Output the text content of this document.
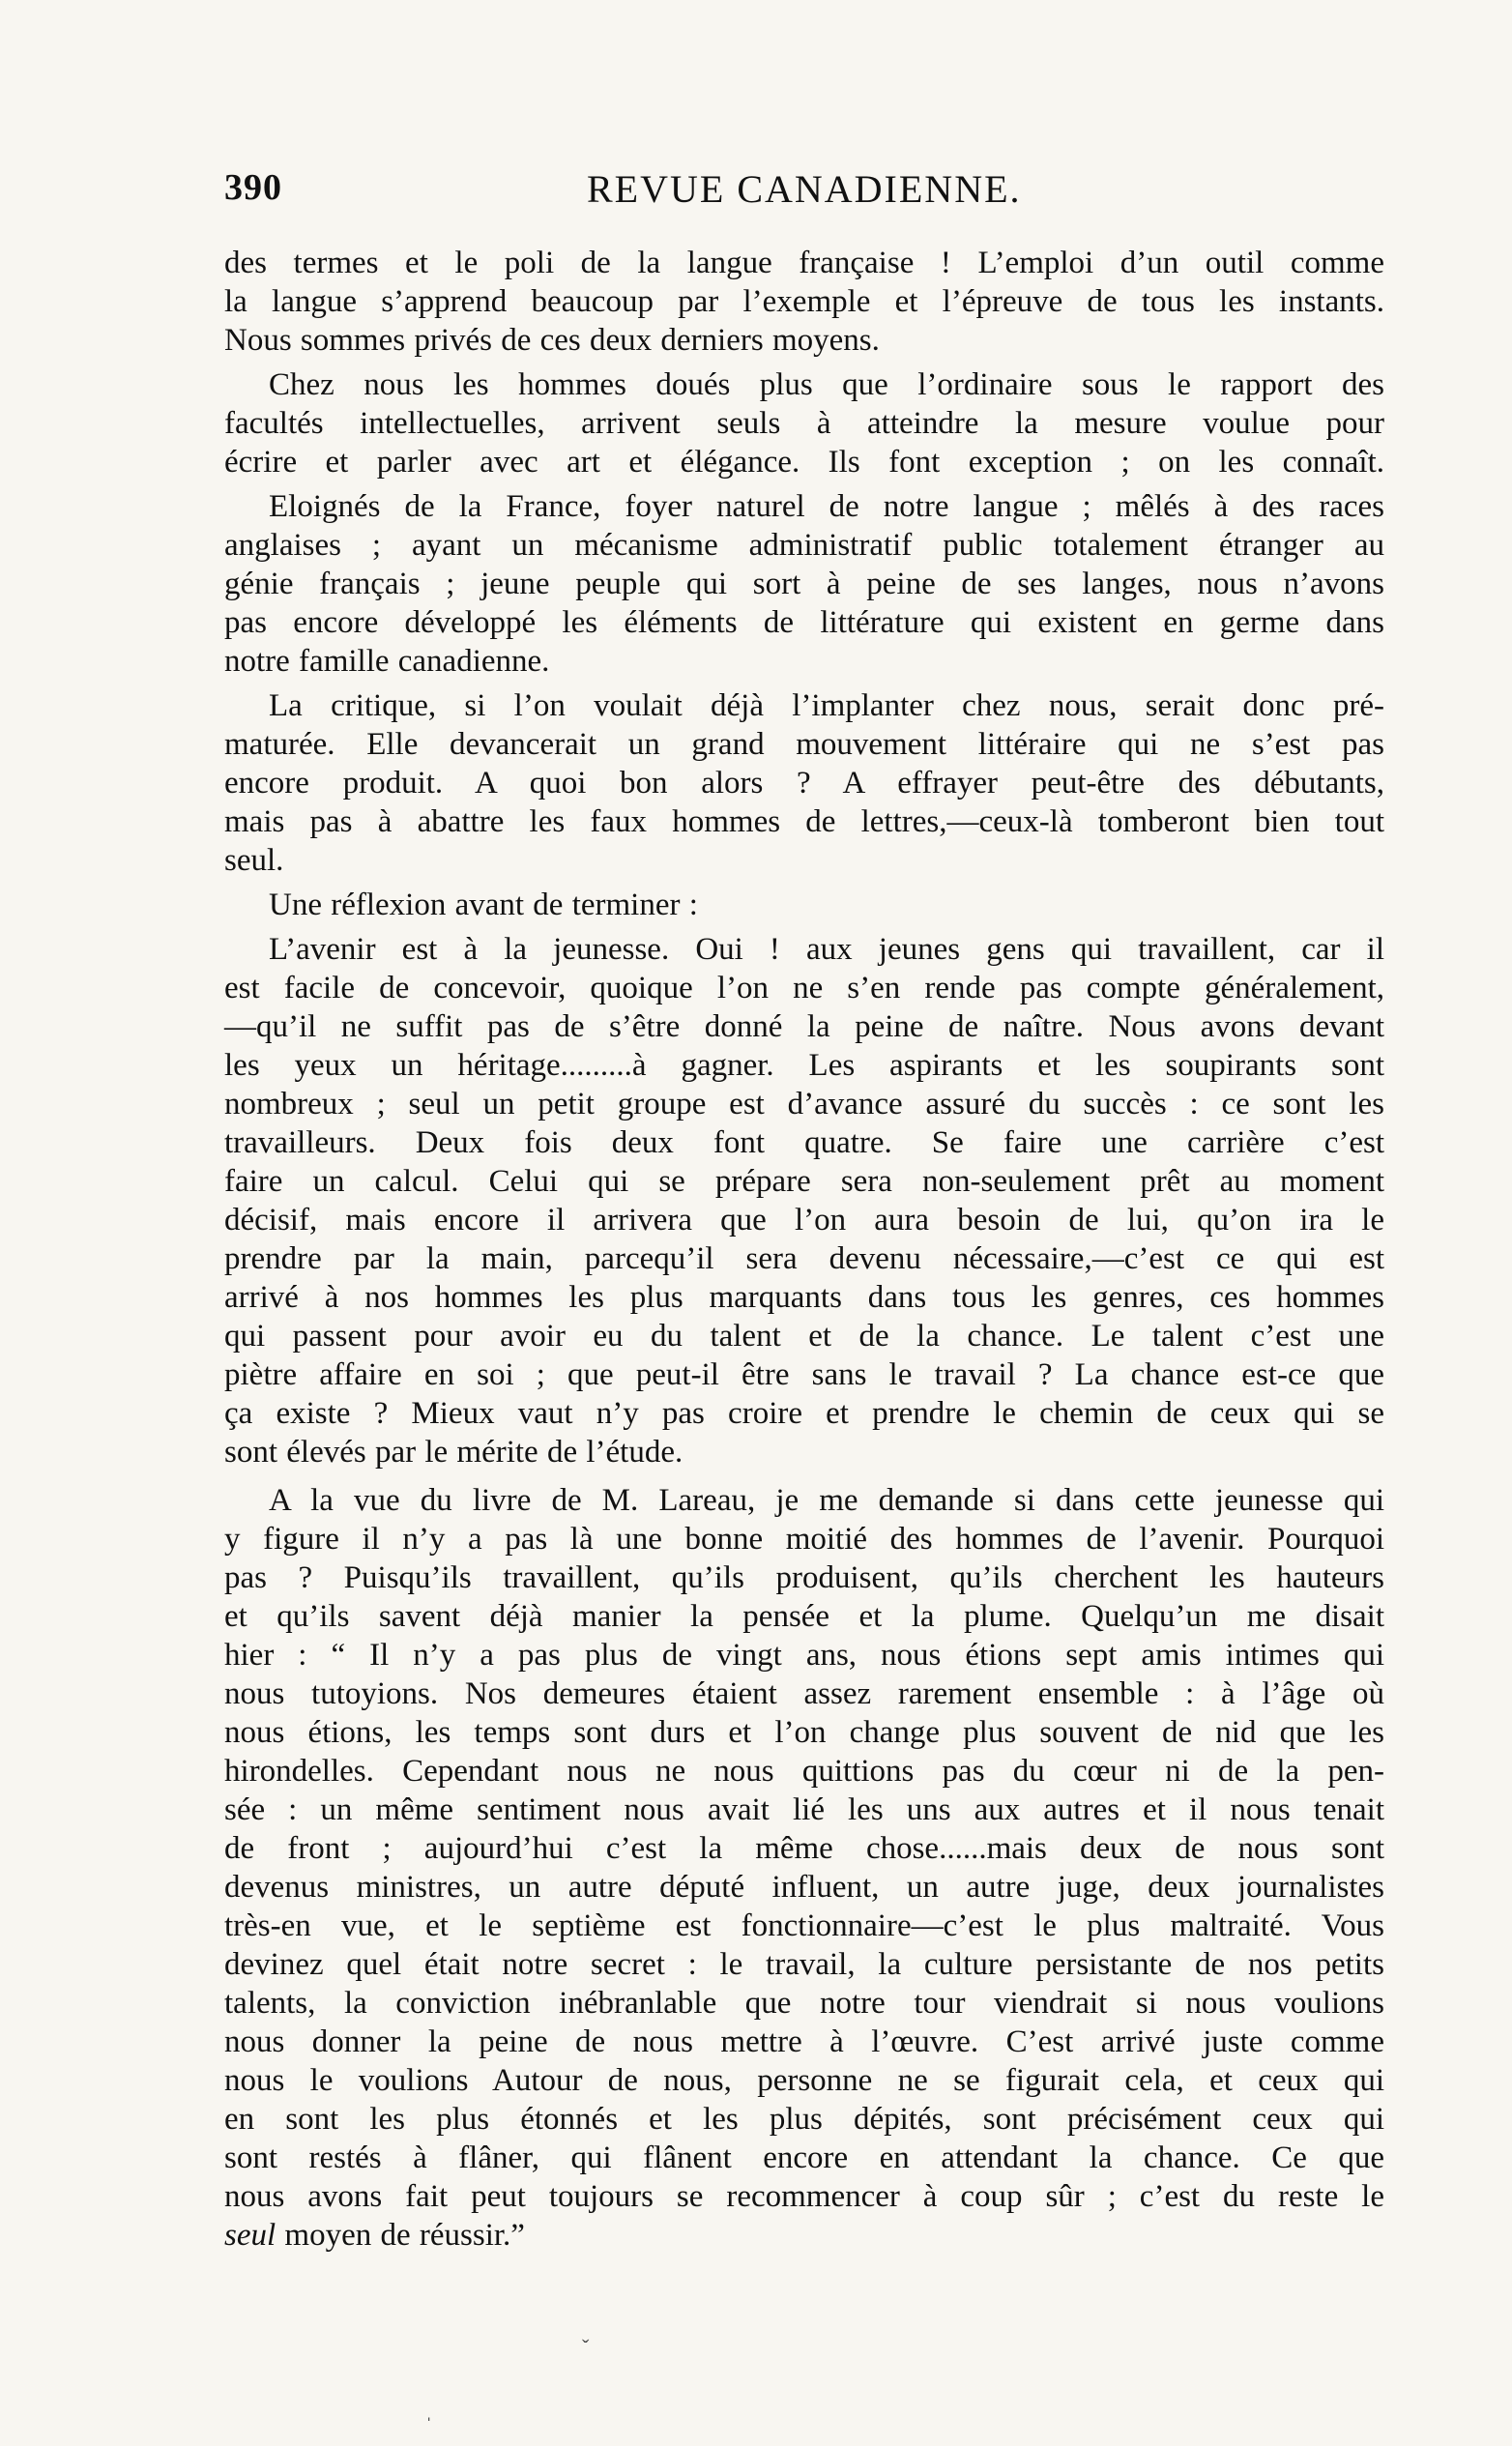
390	REVUE CANADIENNE.
des termes et le poli de la langue française ! L’emploi d’un outil comme
la langue s’apprend beaucoup par l’exemple et l’épreuve de tous les instants.
Nous sommes privés de ces deux derniers moyens.
Chez nous les hommes doués plus que l’ordinaire sous le rapport des
facultés intellectuelles, arrivent seuls à atteindre la mesure voulue pour
écrire et parler avec art et élégance. Ils font exception ; on les connaît.
Eloignés de la France, foyer naturel de notre langue ; mêlés à des races
anglaises ; ayant un mécanisme administratif public totalement étranger au
génie français ; jeune peuple qui sort à peine de ses langes, nous n’avons
pas encore développé les éléments de littérature qui existent en germe dans
notre famille canadienne.
La critique, si l’on voulait déjà l’implanter chez nous, serait donc pré-
maturée. Elle devancerait un grand mouvement littéraire qui ne s’est pas
encore produit. A quoi bon alors ? A effrayer peut-être des débutants,
mais pas à abattre les faux hommes de lettres,—ceux-là tomberont bien tout
seul.
Une réflexion avant de terminer :
L’avenir est à la jeunesse. Oui ! aux jeunes gens qui travaillent, car il
est facile de concevoir, quoique l’on ne s’en rende pas compte généralement,
—qu’il ne suffit pas de s’être donné la peine de naître. Nous avons devant
les yeux un héritage.........à gagner. Les aspirants et les soupirants sont
nombreux ; seul un petit groupe est d’avance assuré du succès : ce sont les
travailleurs. Deux fois deux font quatre. Se faire une carrière c’est
faire un calcul. Celui qui se prépare sera non-seulement prêt au moment
décisif, mais encore il arrivera que l’on aura besoin de lui, qu’on ira le
prendre par la main, parcequ’il sera devenu nécessaire,—c’est ce qui est
arrivé à nos hommes les plus marquants dans tous les genres, ces hommes
qui passent pour avoir eu du talent et de la chance. Le talent c’est une
piètre affaire en soi ; que peut-il être sans le travail ? La chance est-ce que
ça existe ? Mieux vaut n’y pas croire et prendre le chemin de ceux qui se
sont élevés par le mérite de l’étude.
A la vue du livre de M. Lareau, je me demande si dans cette jeunesse qui
y figure il n’y a pas là une bonne moitié des hommes de l’avenir. Pourquoi
pas ? Puisqu’ils travaillent, qu’ils produisent, qu’ils cherchent les hauteurs
et qu’ils savent déjà manier la pensée et la plume. Quelqu’un me disait
hier : “ Il n’y a pas plus de vingt ans, nous étions sept amis intimes qui
nous tutoyions. Nos demeures étaient assez rarement ensemble : à l’âge où
nous étions, les temps sont durs et l’on change plus souvent de nid que les
hirondelles. Cependant nous ne nous quittions pas du cœur ni de la pen-
sée : un même sentiment nous avait lié les uns aux autres et il nous tenait
de front ; aujourd’hui c’est la même chose......mais deux de nous sont
devenus ministres, un autre député influent, un autre juge, deux journalistes
très-en vue, et le septième est fonctionnaire—c’est le plus maltraité. Vous
devinez quel était notre secret : le travail, la culture persistante de nos petits
talents, la conviction inébranlable que notre tour viendrait si nous voulions
nous donner la peine de nous mettre à l’œuvre. C’est arrivé juste comme
nous le voulions Autour de nous, personne ne se figurait cela, et ceux qui
en sont les plus étonnés et les plus dépités, sont précisément ceux qui
sont restés à flâner, qui flânent encore en attendant la chance. Ce que
nous avons fait peut toujours se recommencer à coup sûr ; c’est du reste le
seul moyen de réussir.”
ˇ
ˈ
